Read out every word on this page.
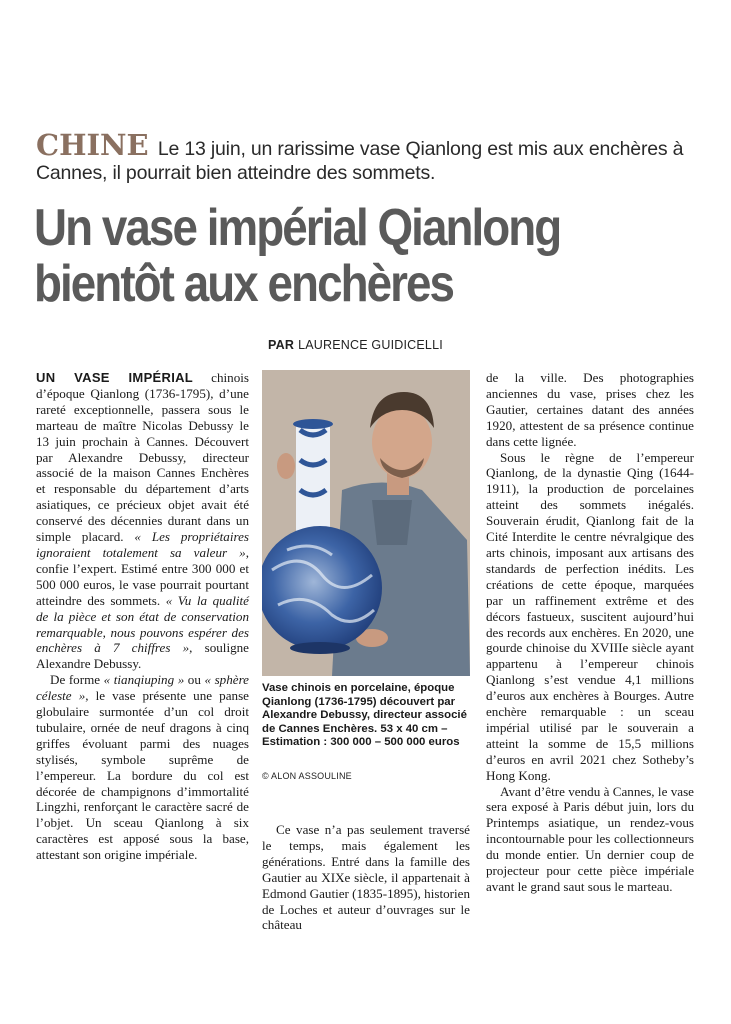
CHINE Le 13 juin, un rarissime vase Qianlong est mis aux enchères à Cannes, il pourrait bien atteindre des sommets.
Un vase impérial Qianlong
bientôt aux enchères
PAR LAURENCE GUIDICELLI

UN VASE IMPÉRIAL chinois d’époque Qianlong (1736-1795), d’une rareté exceptionnelle, passera sous le marteau de maître Nicolas Debussy le 13 juin prochain à Cannes. Découvert par Alexandre Debussy, directeur associé de la maison Cannes Enchères et responsable du département d’arts asiatiques, ce précieux objet avait été conservé des décennies durant dans un simple placard. « Les propriétaires ignoraient totalement sa valeur », confie l’expert. Estimé entre 300 000 et 500 000 euros, le vase pourrait pourtant atteindre des sommets. « Vu la qualité de la pièce et son état de conservation remarquable, nous pouvons espérer des enchères à 7 chiffres », souligne Alexandre Debussy.

De forme « tianqiuping » ou « sphère céleste », le vase présente une panse globulaire surmontée d’un col droit tubulaire, ornée de neuf dragons à cinq griffes évoluant parmi des nuages stylisés, symbole suprême de l’empereur. La bordure du col est décorée de champignons d’immortalité Lingzhi, renforçant le caractère sacré de l’objet. Un sceau Qianlong à six caractères est apposé sous la base, attestant son origine impériale.

Vase chinois en porcelaine, époque Qianlong (1736-1795) découvert par Alexandre Debussy, directeur associé de Cannes Enchères. 53 x 40 cm – Estimation : 300 000 – 500 000 euros
© ALON ASSOULINE

Ce vase n’a pas seulement traversé le temps, mais également les générations. Entré dans la famille des Gautier au XIXe siècle, il appartenait à Edmond Gautier (1835-1895), historien de Loches et auteur d’ouvrages sur le château

de la ville. Des photographies anciennes du vase, prises chez les Gautier, certaines datant des années 1920, attestent de sa présence continue dans cette lignée.

Sous le règne de l’empereur Qianlong, de la dynastie Qing (1644-1911), la production de porcelaines atteint des sommets inégalés. Souverain érudit, Qianlong fait de la Cité Interdite le centre névralgique des arts chinois, imposant aux artisans des standards de perfection inédits. Les créations de cette époque, marquées par un raffinement extrême et des décors fastueux, suscitent aujourd’hui des records aux enchères. En 2020, une gourde chinoise du XVIIIe siècle ayant appartenu à l’empereur chinois Qianlong s’est vendue 4,1 millions d’euros aux enchères à Bourges. Autre enchère remarquable : un sceau impérial utilisé par le souverain a atteint la somme de 15,5 millions d’euros en avril 2021 chez Sotheby’s Hong Kong.

Avant d’être vendu à Cannes, le vase sera exposé à Paris début juin, lors du Printemps asiatique, un rendez-vous incontournable pour les collectionneurs du monde entier. Un dernier coup de projecteur pour cette pièce impériale avant le grand saut sous le marteau.
